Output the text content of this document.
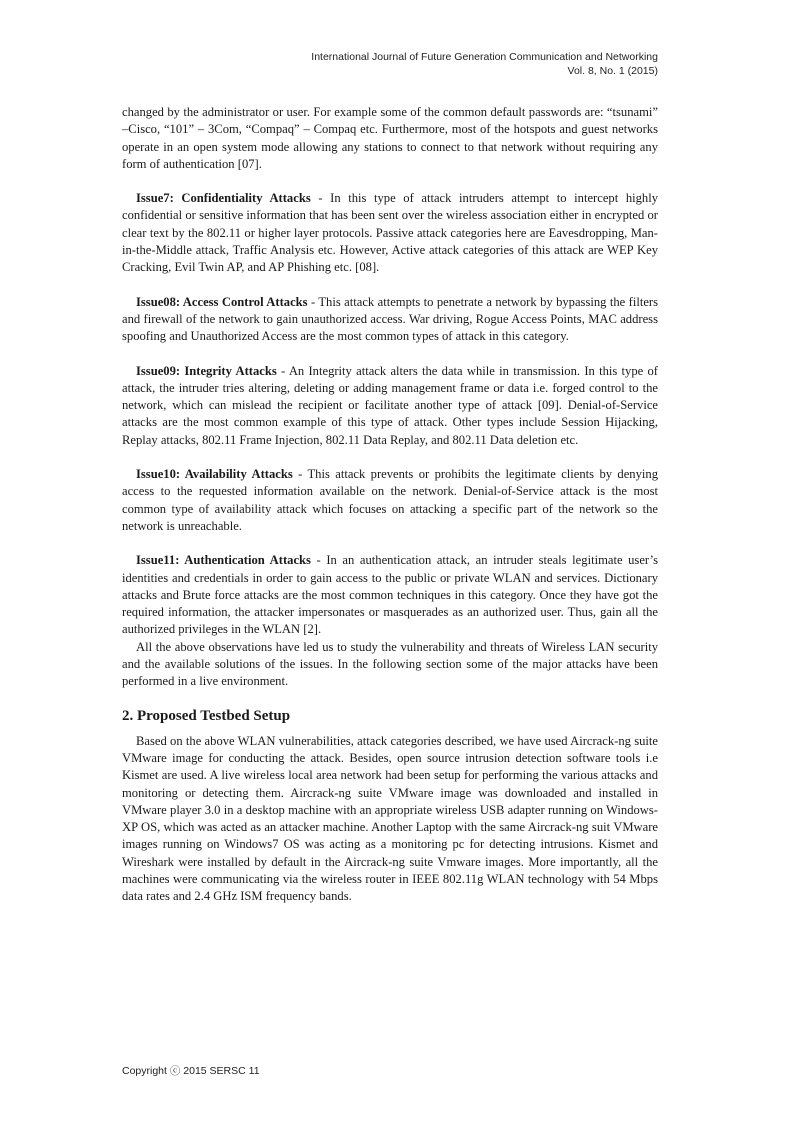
International Journal of Future Generation Communication and Networking
Vol. 8, No. 1 (2015)

changed by the administrator or user. For example some of the common default passwords are: “tsunami” –Cisco, “101” – 3Com, “Compaq” – Compaq etc. Furthermore, most of the hotspots and guest networks operate in an open system mode allowing any stations to connect to that network without requiring any form of authentication [07].

Issue7: Confidentiality Attacks - In this type of attack intruders attempt to intercept highly confidential or sensitive information that has been sent over the wireless association either in encrypted or clear text by the 802.11 or higher layer protocols. Passive attack categories here are Eavesdropping, Man-in-the-Middle attack, Traffic Analysis etc. However, Active attack categories of this attack are WEP Key Cracking, Evil Twin AP, and AP Phishing etc. [08].

Issue08: Access Control Attacks - This attack attempts to penetrate a network by bypassing the filters and firewall of the network to gain unauthorized access. War driving, Rogue Access Points, MAC address spoofing and Unauthorized Access are the most common types of attack in this category.

Issue09: Integrity Attacks - An Integrity attack alters the data while in transmission. In this type of attack, the intruder tries altering, deleting or adding management frame or data i.e. forged control to the network, which can mislead the recipient or facilitate another type of attack [09]. Denial-of-Service attacks are the most common example of this type of attack. Other types include Session Hijacking, Replay attacks, 802.11 Frame Injection, 802.11 Data Replay, and 802.11 Data deletion etc.

Issue10: Availability Attacks - This attack prevents or prohibits the legitimate clients by denying access to the requested information available on the network. Denial-of-Service attack is the most common type of availability attack which focuses on attacking a specific part of the network so the network is unreachable.

Issue11: Authentication Attacks - In an authentication attack, an intruder steals legitimate user’s identities and credentials in order to gain access to the public or private WLAN and services. Dictionary attacks and Brute force attacks are the most common techniques in this category. Once they have got the required information, the attacker impersonates or masquerades as an authorized user. Thus, gain all the authorized privileges in the WLAN [2].

All the above observations have led us to study the vulnerability and threats of Wireless LAN security and the available solutions of the issues. In the following section some of the major attacks have been performed in a live environment.

2. Proposed Testbed Setup

Based on the above WLAN vulnerabilities, attack categories described, we have used Aircrack-ng suite VMware image for conducting the attack. Besides, open source intrusion detection software tools i.e Kismet are used. A live wireless local area network had been setup for performing the various attacks and monitoring or detecting them. Aircrack-ng suite VMware image was downloaded and installed in VMware player 3.0 in a desktop machine with an appropriate wireless USB adapter running on Windows-XP OS, which was acted as an attacker machine. Another Laptop with the same Aircrack-ng suit VMware images running on Windows7 OS was acting as a monitoring pc for detecting intrusions. Kismet and Wireshark were installed by default in the Aircrack-ng suite Vmware images. More importantly, all the machines were communicating via the wireless router in IEEE 802.11g WLAN technology with 54 Mbps data rates and 2.4 GHz ISM frequency bands.

Copyright ⓒ 2015 SERSC 11
